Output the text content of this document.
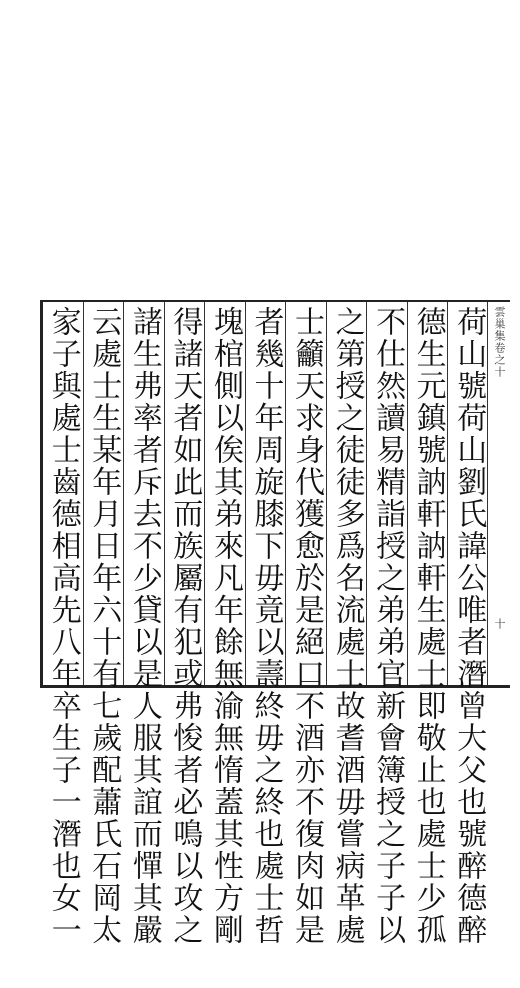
雲巢集卷之十
十
荷山號荷山劉氏諱公唯者潛曾大父也號醉德醉
德生元鎮號訥軒訥軒生處士即敬止也處士少孤
不仕然讀易精詣授之弟弟官新會簿授之子子以
之第授之徒徒多爲名流處士故耆酒毋嘗病革處
士籲天求身代獲愈於是絕口不酒亦不復肉如是
者幾十年周旋膝下毋竟以壽終毋之終也處士哲
塊棺側以俟其弟來凡年餘無渝無惰蓋其性方剛
得諸天者如此而族屬有犯或弗悛者必鳴以攻之
諸生弗率者斥去不少貸以是人服其誼而憚其嚴
云處士生某年月日年六十有七歲配蕭氏石岡太
家子與處士齒德相高先八年卒生子一潛也女一
